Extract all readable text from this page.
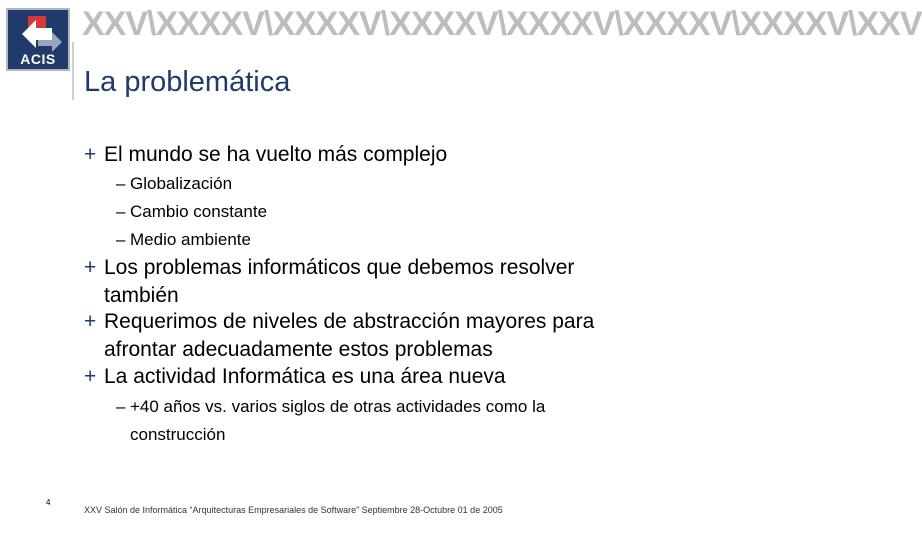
ACIS
XXV\XXXXV\XXXXV\XXXXV\XXXXV\XXXXV\XXXXV\XXV
La problemática
+ El mundo se ha vuelto más complejo
– Globalización
– Cambio constante
– Medio ambiente
+ Los problemas informáticos que debemos resolver
también
+ Requerimos de niveles de abstracción mayores para
afrontar adecuadamente estos problemas
+ La actividad Informática es una área nueva
– +40 años vs. varios siglos de otras actividades como la
construcción
4
XXV Salón de Informática “Arquitecturas Empresariales de Software” Septiembre 28-Octubre 01 de 2005
